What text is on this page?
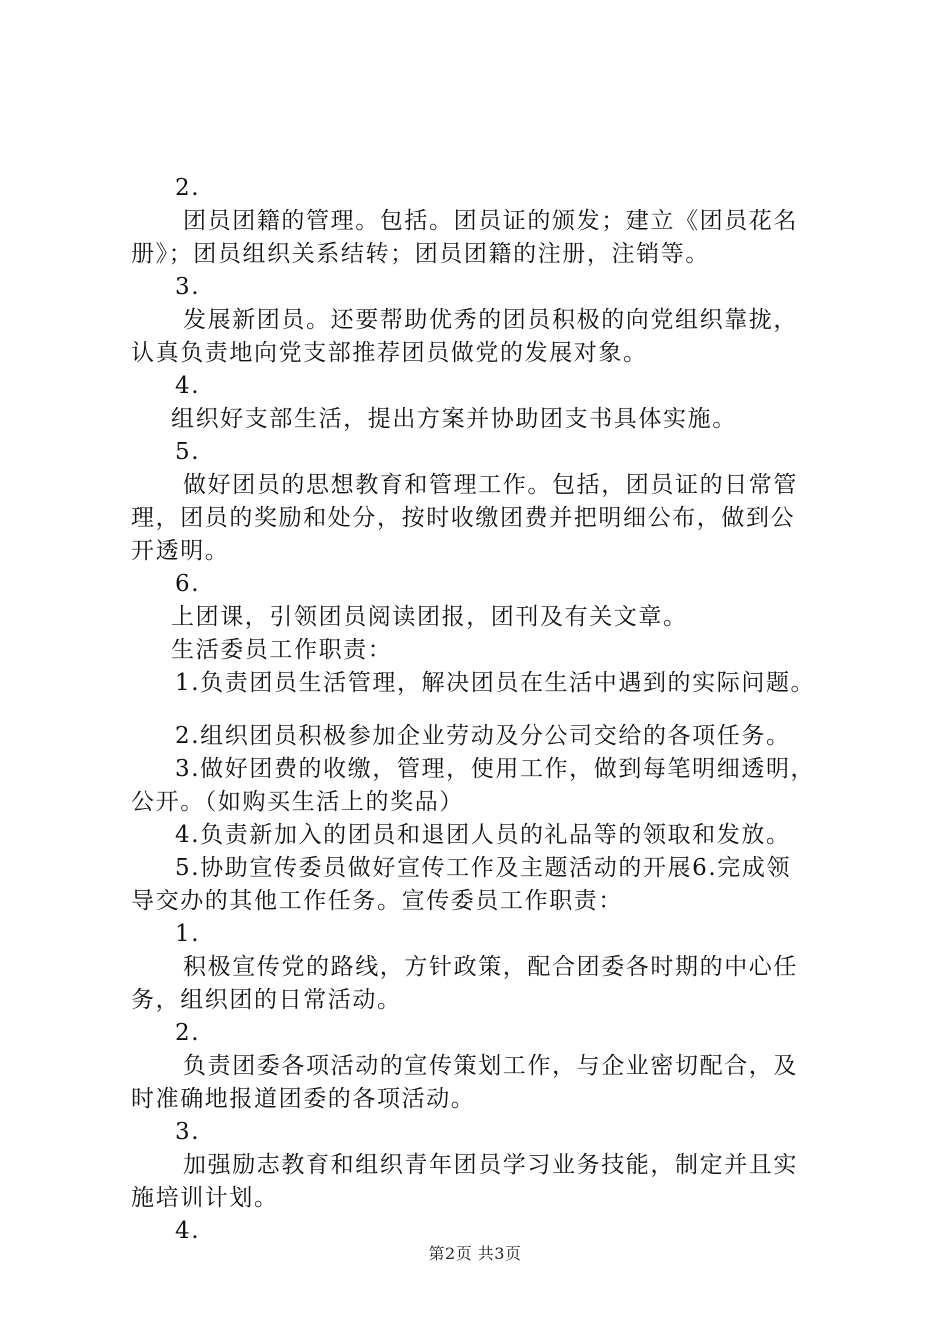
2.
团员团籍的管理。包括。团员证的颁发；建立《团员花名
册》；团员组织关系结转；团员团籍的注册，注销等。
3.
发展新团员。还要帮助优秀的团员积极的向党组织靠拢，
认真负责地向党支部推荐团员做党的发展对象。
4.
组织好支部生活，提出方案并协助团支书具体实施。
5.
做好团员的思想教育和管理工作。包括，团员证的日常管
理，团员的奖励和处分，按时收缴团费并把明细公布，做到公
开透明。
6.
上团课，引领团员阅读团报，团刊及有关文章。
生活委员工作职责：
1.负责团员生活管理，解决团员在生活中遇到的实际问题。
2.组织团员积极参加企业劳动及分公司交给的各项任务。
3.做好团费的收缴，管理，使用工作，做到每笔明细透明，
公开。（如购买生活上的奖品）
4.负责新加入的团员和退团人员的礼品等的领取和发放。
5.协助宣传委员做好宣传工作及主题活动的开展6.完成领
导交办的其他工作任务。宣传委员工作职责：
1.
积极宣传党的路线，方针政策，配合团委各时期的中心任
务，组织团的日常活动。
2.
负责团委各项活动的宣传策划工作，与企业密切配合，及
时准确地报道团委的各项活动。
3.
加强励志教育和组织青年团员学习业务技能，制定并且实
施培训计划。
4.
第2页 共3页
